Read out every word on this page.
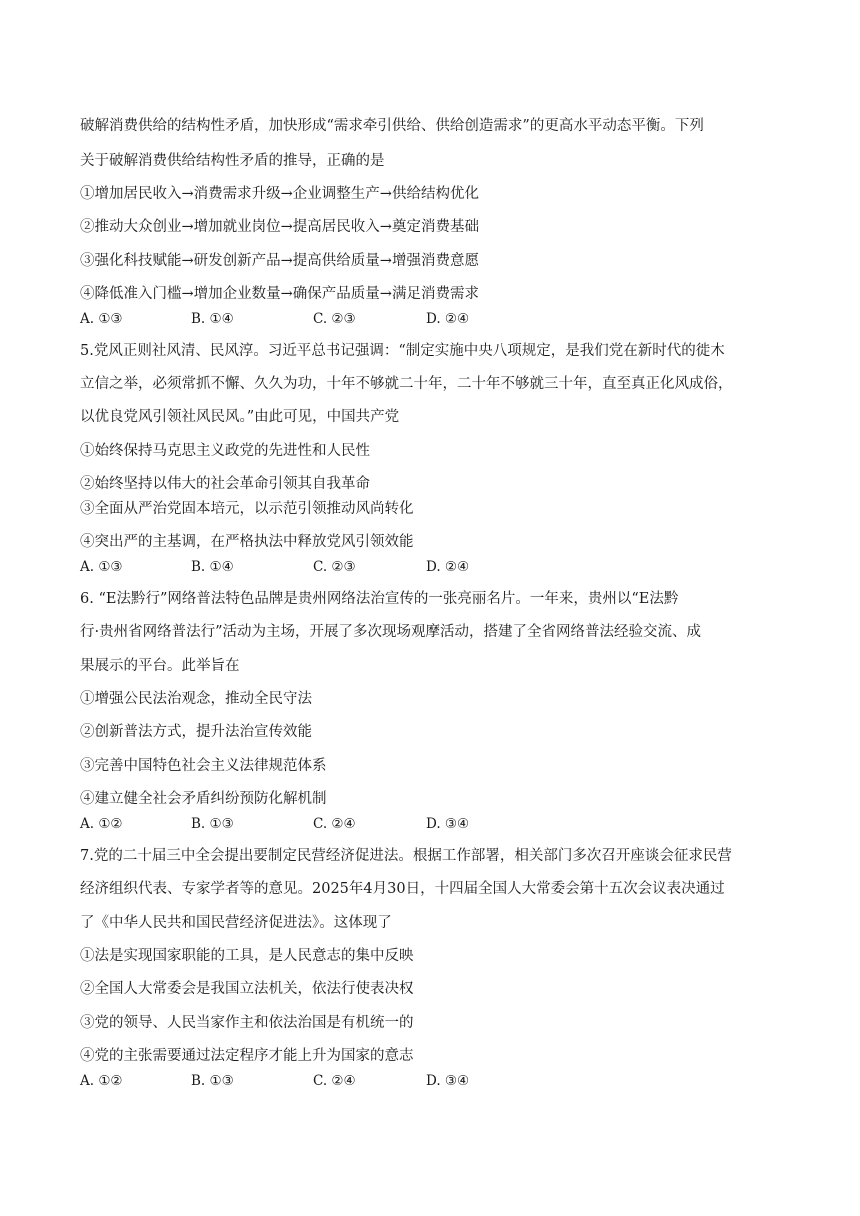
破解消费供给的结构性矛盾，加快形成“需求牵引供给、供给创造需求”的更高水平动态平衡。下列

关于破解消费供给结构性矛盾的推导，正确的是

①增加居民收入→消费需求升级→企业调整生产→供给结构优化

②推动大众创业→增加就业岗位→提高居民收入→奠定消费基础

③强化科技赋能→研发创新产品→提高供给质量→增强消费意愿

④降低准入门槛→增加企业数量→确保产品质量→满足消费需求

A. ①③	B. ①④	C. ②③	D. ②④

5.党风正则社风清、民风淳。习近平总书记强调：“制定实施中央八项规定，是我们党在新时代的徙木

立信之举，必须常抓不懈、久久为功，十年不够就二十年，二十年不够就三十年，直至真正化风成俗，

以优良党风引领社风民风。”由此可见，中国共产党

①始终保持马克思主义政党的先进性和人民性

②始终坚持以伟大的社会革命引领其自我革命

③全面从严治党固本培元，以示范引领推动风尚转化

④突出严的主基调，在严格执法中释放党风引领效能

A. ①③	B. ①④	C. ②③	D. ②④

6. “E法黔行”网络普法特色品牌是贵州网络法治宣传的一张亮丽名片。一年来，贵州以“E法黔

行·贵州省网络普法行”活动为主场，开展了多次现场观摩活动，搭建了全省网络普法经验交流、成

果展示的平台。此举旨在

①增强公民法治观念，推动全民守法

②创新普法方式，提升法治宣传效能

③完善中国特色社会主义法律规范体系

④建立健全社会矛盾纠纷预防化解机制

A. ①②	B. ①③	C. ②④	D. ③④

7.党的二十届三中全会提出要制定民营经济促进法。根据工作部署，相关部门多次召开座谈会征求民营

经济组织代表、专家学者等的意见。2025年4月30日，十四届全国人大常委会第十五次会议表决通过

了《中华人民共和国民营经济促进法》。这体现了

①法是实现国家职能的工具，是人民意志的集中反映

②全国人大常委会是我国立法机关，依法行使表决权

③党的领导、人民当家作主和依法治国是有机统一的

④党的主张需要通过法定程序才能上升为国家的意志

A. ①②	B. ①③	C. ②④	D. ③④
